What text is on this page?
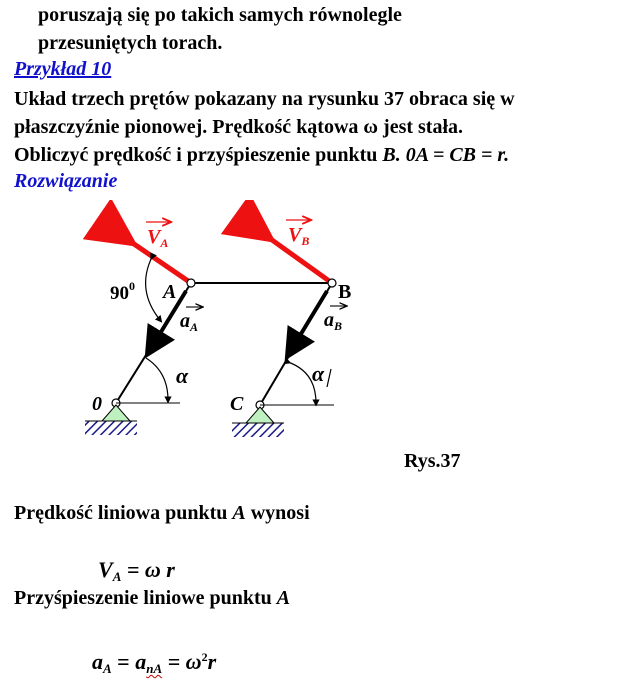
poruszają się po takich samych równolegle
przesuniętych torach.
Przykład 10
Układ trzech prętów pokazany na rysunku 37 obraca się w
płaszczyźnie pionowej. Prędkość kątowa ω jest stała.
Obliczyć prędkość i przyśpieszenie punktu B. 0A = CB = r.
Rozwiązanie
$V_A$	$V_B$
$90^0$ A	B
$a_A$	$a_B$
α	α
0	C
Rys.37
Prędkość liniowa punktu A wynosi
$V_A = \omega$ r
Przyśpieszenie liniowe punktu A
$a_A = a_{nA} = \omega^2r$
